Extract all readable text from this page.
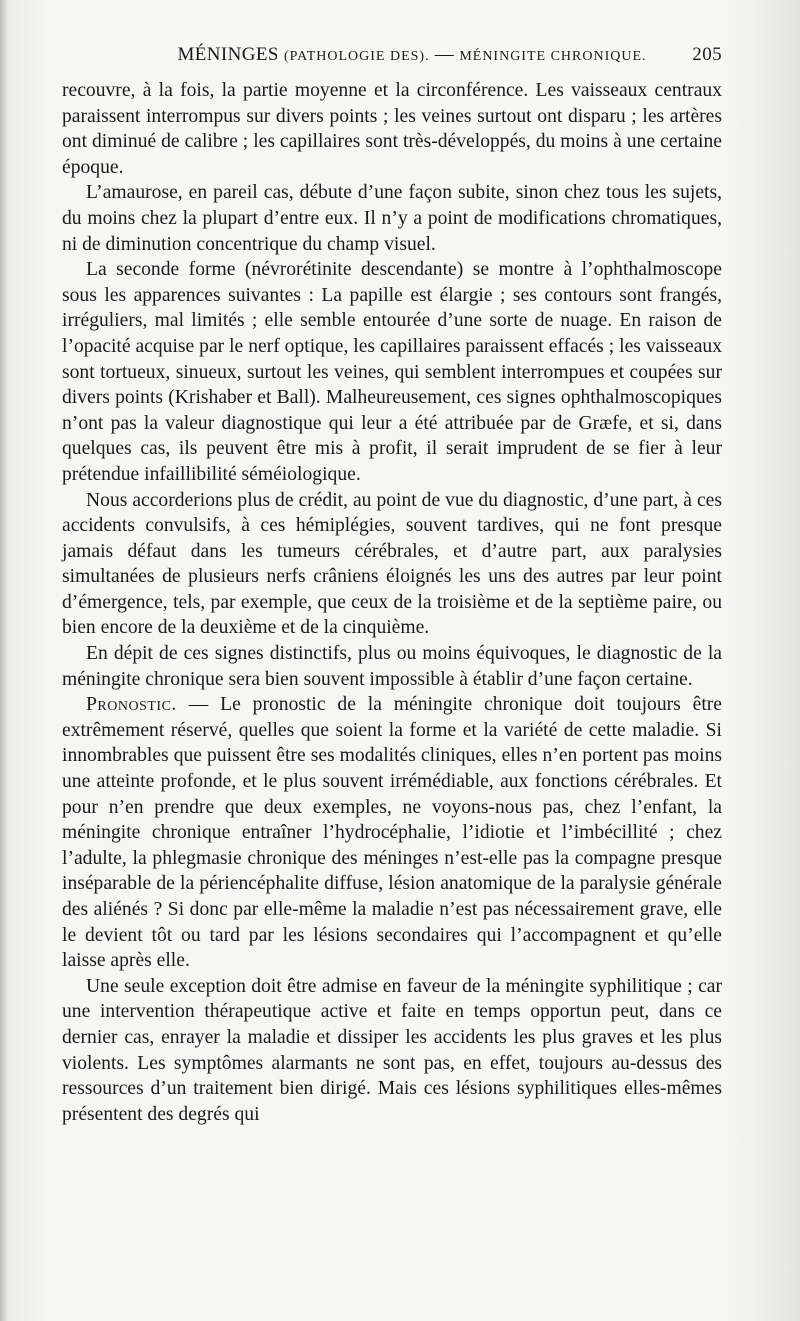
MÉNINGES (PATHOLOGIE DES). — MÉNINGITE CHRONIQUE. 205

recouvre, à la fois, la partie moyenne et la circonférence. Les vaisseaux centraux paraissent interrompus sur divers points ; les veines surtout ont disparu ; les artères ont diminué de calibre ; les capillaires sont très-développés, du moins à une certaine époque.

L’amaurose, en pareil cas, débute d’une façon subite, sinon chez tous les sujets, du moins chez la plupart d’entre eux. Il n’y a point de modifications chromatiques, ni de diminution concentrique du champ visuel.

La seconde forme (névrorétinite descendante) se montre à l’ophthalmoscope sous les apparences suivantes : La papille est élargie ; ses contours sont frangés, irréguliers, mal limités ; elle semble entourée d’une sorte de nuage. En raison de l’opacité acquise par le nerf optique, les capillaires paraissent effacés ; les vaisseaux sont tortueux, sinueux, surtout les veines, qui semblent interrompues et coupées sur divers points (Krishaber et Ball). Malheureusement, ces signes ophthalmoscopiques n’ont pas la valeur diagnostique qui leur a été attribuée par de Græfe, et si, dans quelques cas, ils peuvent être mis à profit, il serait imprudent de se fier à leur prétendue infaillibilité séméiologique.

Nous accorderions plus de crédit, au point de vue du diagnostic, d’une part, à ces accidents convulsifs, à ces hémiplégies, souvent tardives, qui ne font presque jamais défaut dans les tumeurs cérébrales, et d’autre part, aux paralysies simultanées de plusieurs nerfs crâniens éloignés les uns des autres par leur point d’émergence, tels, par exemple, que ceux de la troisième et de la septième paire, ou bien encore de la deuxième et de la cinquième.

En dépit de ces signes distinctifs, plus ou moins équivoques, le diagnostic de la méningite chronique sera bien souvent impossible à établir d’une façon certaine.

Pronostic. — Le pronostic de la méningite chronique doit toujours être extrêmement réservé, quelles que soient la forme et la variété de cette maladie. Si innombrables que puissent être ses modalités cliniques, elles n’en portent pas moins une atteinte profonde, et le plus souvent irrémédiable, aux fonctions cérébrales. Et pour n’en prendre que deux exemples, ne voyons-nous pas, chez l’enfant, la méningite chronique entraîner l’hydrocéphalie, l’idiotie et l’imbécillité ; chez l’adulte, la phlegmasie chronique des méninges n’est-elle pas la compagne presque inséparable de la périencéphalite diffuse, lésion anatomique de la paralysie générale des aliénés ? Si donc par elle-même la maladie n’est pas nécessairement grave, elle le devient tôt ou tard par les lésions secondaires qui l’accompagnent et qu’elle laisse après elle.

Une seule exception doit être admise en faveur de la méningite syphilitique ; car une intervention thérapeutique active et faite en temps opportun peut, dans ce dernier cas, enrayer la maladie et dissiper les accidents les plus graves et les plus violents. Les symptômes alarmants ne sont pas, en effet, toujours au-dessus des ressources d’un traitement bien dirigé. Mais ces lésions syphilitiques elles-mêmes présentent des degrés qui
